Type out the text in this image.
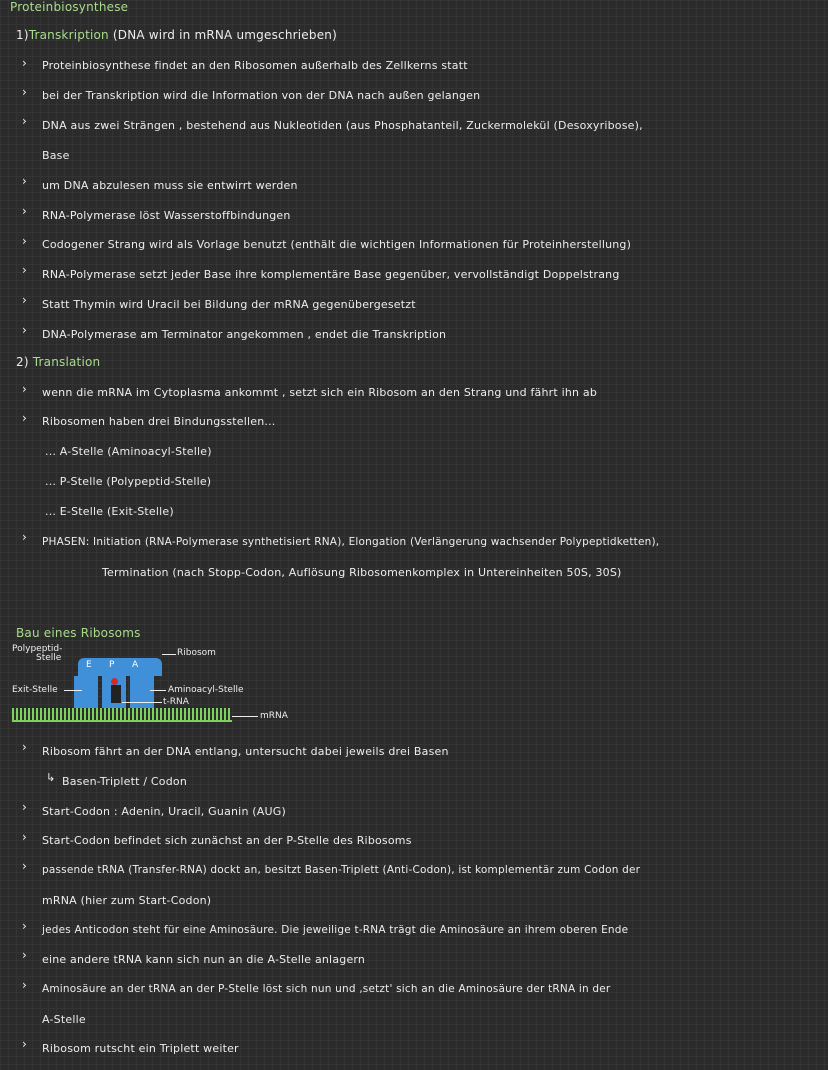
Proteinbiosynthese
1)Transkription (DNA wird in mRNA umgeschrieben)
› Proteinbiosynthese findet an den Ribosomen außerhalb des Zellkerns statt
› bei der Transkription wird die Information von der DNA nach außen gelangen
› DNA aus zwei Strängen , bestehend aus Nukleotiden (aus Phosphatanteil, Zuckermolekül (Desoxyribose),
Base
› um DNA abzulesen muss sie entwirrt werden
› RNA-Polymerase löst Wasserstoffbindungen
› Codogener Strang wird als Vorlage benutzt (enthält die wichtigen Informationen für Proteinherstellung)
› RNA-Polymerase setzt jeder Base ihre komplementäre Base gegenüber, vervollständigt Doppelstrang
› Statt Thymin wird Uracil bei Bildung der mRNA gegenübergesetzt
› DNA-Polymerase am Terminator angekommen , endet die Transkription
2) Translation
› wenn die mRNA im Cytoplasma ankommt , setzt sich ein Ribosom an den Strang und fährt ihn ab
› Ribosomen haben drei Bindungsstellen...
... A-Stelle (Aminoacyl-Stelle)
... P-Stelle (Polypeptid-Stelle)
... E-Stelle (Exit-Stelle)
› PHASEN: Initiation (RNA-Polymerase synthetisiert RNA), Elongation (Verlängerung wachsender Polypeptidketten),
Termination (nach Stopp-Codon, Auflösung Ribosomenkomplex in Untereinheiten 50S, 30S)
Bau eines Ribosoms
Polypeptid-
Stelle
E P A
Ribosom
Exit-Stelle	Aminoacyl-Stelle
t-RNA
mRNA
› Ribosom fährt an der DNA entlang, untersucht dabei jeweils drei Basen
↳ Basen-Triplett / Codon
› Start-Codon : Adenin, Uracil, Guanin (AUG)
› Start-Codon befindet sich zunächst an der P-Stelle des Ribosoms
› passende tRNA (Transfer-RNA) dockt an, besitzt Basen-Triplett (Anti-Codon), ist komplementär zum Codon der
mRNA (hier zum Start-Codon)
› jedes Anticodon steht für eine Aminosäure. Die jeweilige t-RNA trägt die Aminosäure an ihrem oberen Ende
› eine andere tRNA kann sich nun an die A-Stelle anlagern
› Aminosäure an der tRNA an der P-Stelle löst sich nun und ‚setzt' sich an die Aminosäure der tRNA in der
A-Stelle
› Ribosom rutscht ein Triplett weiter
